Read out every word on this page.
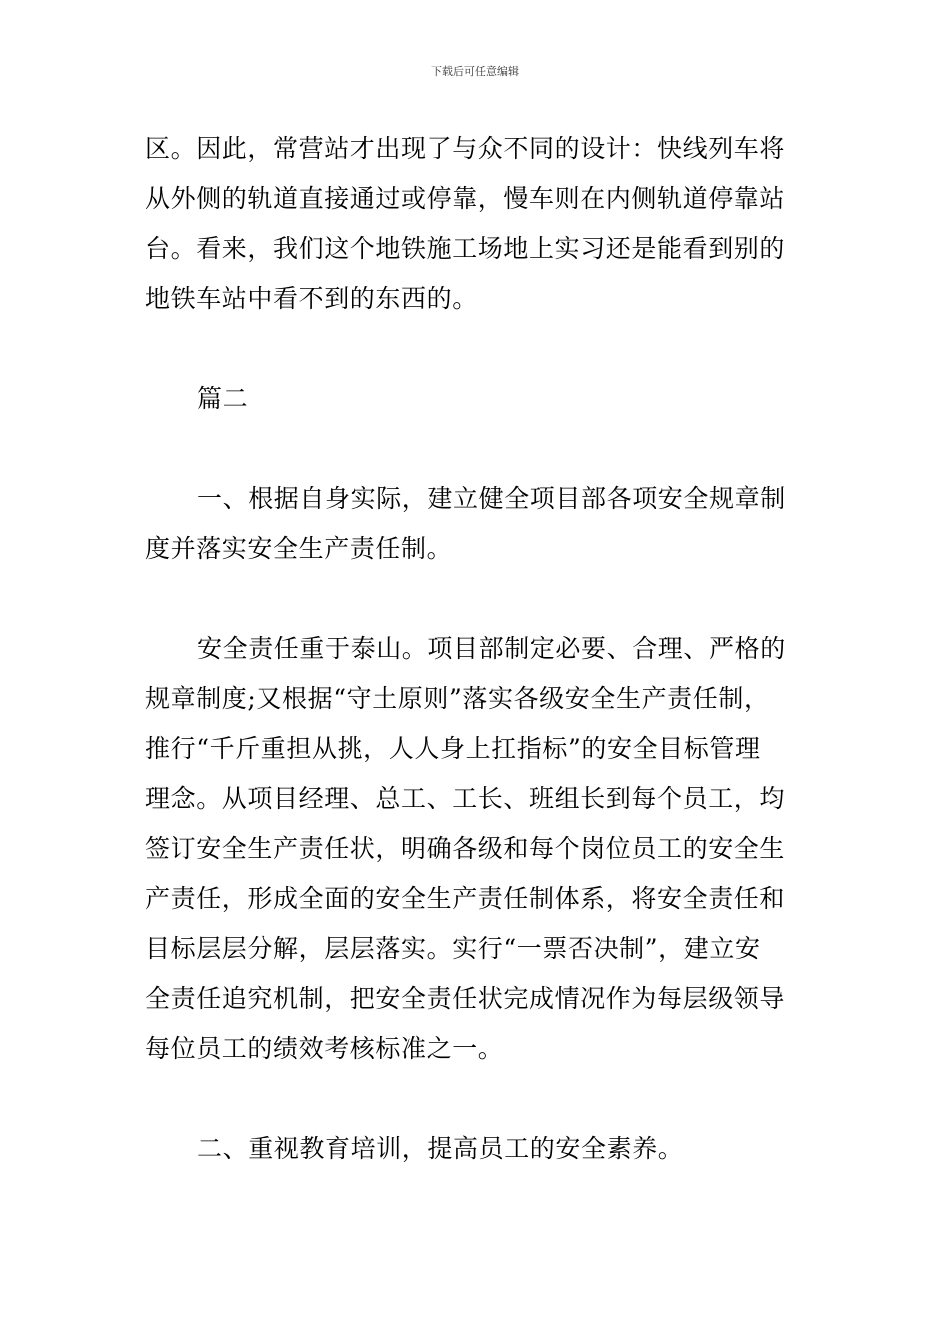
下载后可任意编辑
区。因此，常营站才出现了与众不同的设计：快线列车将
从外侧的轨道直接通过或停靠，慢车则在内侧轨道停靠站
台。看来，我们这个地铁施工场地上实习还是能看到别的
地铁车站中看不到的东西的。
篇二
一、根据自身实际，建立健全项目部各项安全规章制
度并落实安全生产责任制。
安全责任重于泰山。项目部制定必要、合理、严格的
规章制度;又根据“守土原则”落实各级安全生产责任制，
推行“千斤重担从挑，人人身上扛指标”的安全目标管理
理念。从项目经理、总工、工长、班组长到每个员工，均
签订安全生产责任状，明确各级和每个岗位员工的安全生
产责任，形成全面的安全生产责任制体系，将安全责任和
目标层层分解，层层落实。实行“一票否决制”，建立安
全责任追究机制，把安全责任状完成情况作为每层级领导
每位员工的绩效考核标准之一。
二、重视教育培训，提高员工的安全素养。
